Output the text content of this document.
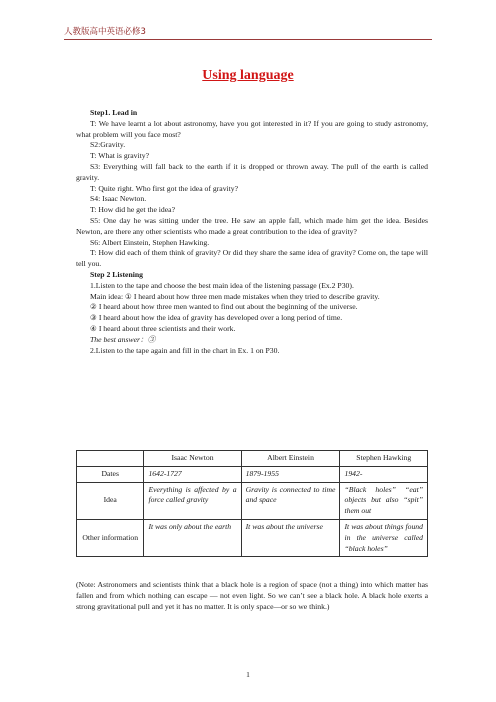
人教版高中英语必修3
Using language

Step1. Lead in

T: We have learnt a lot about astronomy, have you got interested in it? If you are going to study astronomy, what problem will you face most?

S2:Gravity.

T: What is gravity?

S3: Everything will fall back to the earth if it is dropped or thrown away. The pull of the earth is called gravity.

T: Quite right. Who first got the idea of gravity?

S4: Isaac Newton.

T: How did he get the idea?

S5: One day he was sitting under the tree. He saw an apple fall, which made him get the idea. Besides Newton, are there any other scientists who made a great contribution to the idea of gravity?

S6: Albert Einstein, Stephen Hawking.

T: How did each of them think of gravity? Or did they share the same idea of gravity? Come on, the tape will tell you.

Step 2 Listening

1.Listen to the tape and choose the best main idea of the listening passage (Ex.2 P30).

Main idea: ① I heard about how three men made mistakes when they tried to describe gravity.

② I heard about how three men wanted to find out about the beginning of the universe.

③ I heard about how the idea of gravity has developed over a long period of time.

④ I heard about three scientists and their work.

The best answer：③

2.Listen to the tape again and fill in the chart in Ex. 1 on P30.

	Isaac Newton	Albert Einstein	Stephen Hawking
Dates	1642-1727	1879-1955	1942-
Idea	Everything is affected by a force called gravity	Gravity is connected to time and space	“Black holes” “eat” objects but also “spit” them out
Other information	It was only about the earth	It was about the universe	It was about things found in the universe called “black holes”
(Note: Astronomers and scientists think that a black hole is a region of space (not a thing) into which matter has fallen and from which nothing can escape — not even light. So we can’t see a black hole. A black hole exerts a strong gravitational pull and yet it has no matter. It is only space—or so we think.)
1
